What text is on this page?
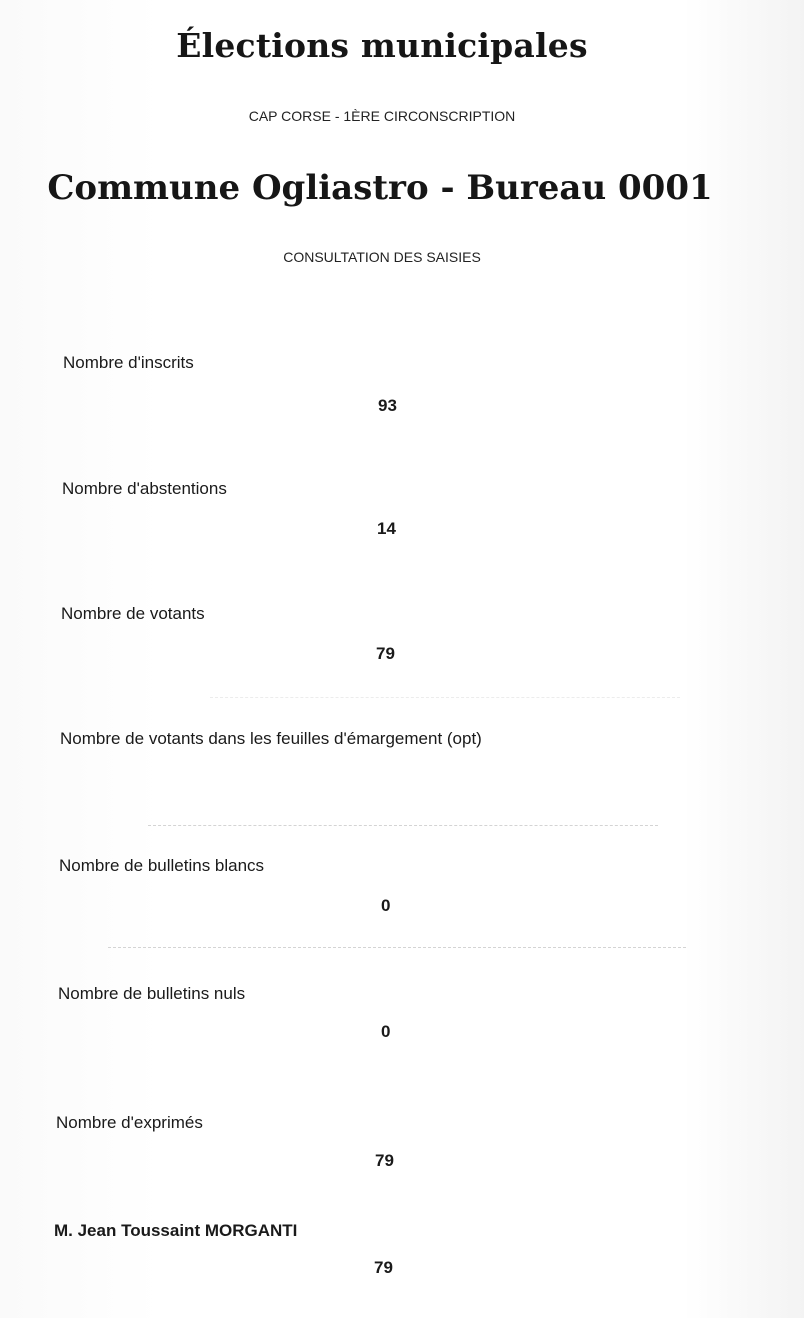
Élections municipales
CAP CORSE - 1ÈRE CIRCONSCRIPTION
Commune Ogliastro - Bureau 0001
CONSULTATION DES SAISIES
Nombre d'inscrits
93
Nombre d'abstentions
14
Nombre de votants
79
Nombre de votants dans les feuilles d'émargement (opt)
Nombre de bulletins blancs
0
Nombre de bulletins nuls
0
Nombre d'exprimés
79
M. Jean Toussaint MORGANTI
79
